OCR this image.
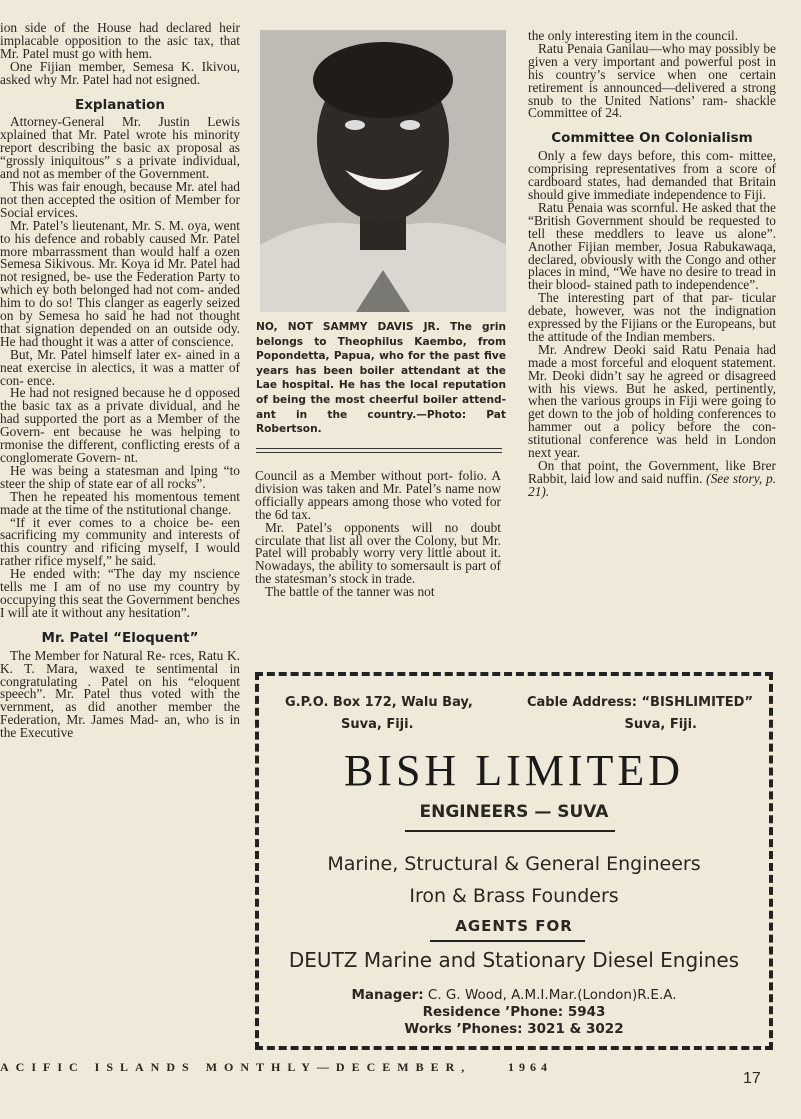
ion side of the House had declared heir implacable opposition to the asic tax, that Mr. Patel must go with hem.

One Fijian member, Semesa K. Ikivou, asked why Mr. Patel had not esigned.

Explanation

Attorney-General Mr. Justin Lewis xplained that Mr. Patel wrote his minority report describing the basic ax proposal as “grossly iniquitous” s a private individual, and not as member of the Government.

This was fair enough, because Mr. atel had not then accepted the osition of Member for Social ervices.

Mr. Patel’s lieutenant, Mr. S. M. oya, went to his defence and robably caused Mr. Patel more mbarrassment than would half a ozen Semesa Sikivous. Mr. Koya id Mr. Patel had not resigned, be- use the Federation Party to which ey both belonged had not com- anded him to do so! This clanger as eagerly seized on by Semesa ho said he had not thought that signation depended on an outside ody. He had thought it was a atter of conscience.

But, Mr. Patel himself later ex- ained in a neat exercise in alectics, it was a matter of con- ence.

He had not resigned because he d opposed the basic tax as a private dividual, and he had supported the port as a Member of the Govern- ent because he was helping to rmonise the different, conflicting erests of a conglomerate Govern- nt.

He was being a statesman and lping “to steer the ship of state ear of all rocks”.

Then he repeated his momentous tement made at the time of the nstitutional change.

“If it ever comes to a choice be- een sacrificing my community and interests of this country and rificing myself, I would rather rifice myself,” he said.

He ended with: “The day my nscience tells me I am of no use my country by occupying this seat the Government benches I will ate it without any hesitation”.

Mr. Patel “Eloquent”

The Member for Natural Re- rces, Ratu K. K. T. Mara, waxed te sentimental in congratulating . Patel on his “eloquent speech”. Mr. Patel thus voted with the vernment, as did another member the Federation, Mr. James Mad- an, who is in the Executive

NO, NOT SAMMY DAVIS JR. The grin belongs to Theophilus Kaembo, from Popondetta, Papua, who for the past five years has been boiler attendant at the Lae hospital. He has the local reputation of being the most cheerful boiler attend- ant in the country.—Photo: Pat Robertson.

Council as a Member without port- folio. A division was taken and Mr. Patel’s name now officially appears among those who voted for the 6d tax.

Mr. Patel’s opponents will no doubt circulate that list all over the Colony, but Mr. Patel will probably worry very little about it. Nowadays, the ability to somersault is part of the statesman’s stock in trade.

The battle of the tanner was not

the only interesting item in the council.

Ratu Penaia Ganilau—who may possibly be given a very important and powerful post in his country’s service when one certain retirement is announced—delivered a strong snub to the United Nations’ ram- shackle Committee of 24.

Committee On Colonialism

Only a few days before, this com- mittee, comprising representatives from a score of cardboard states, had demanded that Britain should give immediate independence to Fiji.

Ratu Penaia was scornful. He asked that the “British Government should be requested to tell these meddlers to leave us alone”. Another Fijian member, Josua Rabukawaqa, declared, obviously with the Congo and other places in mind, “We have no desire to tread in their blood- stained path to independence”.

The interesting part of that par- ticular debate, however, was not the indignation expressed by the Fijians or the Europeans, but the attitude of the Indian members.

Mr. Andrew Deoki said Ratu Penaia had made a most forceful and eloquent statement. Mr. Deoki didn’t say he agreed or disagreed with his views. But he asked, pertinently, when the various groups in Fiji were going to get down to the job of holding conferences to hammer out a policy before the con- stitutional conference was held in London next year.

On that point, the Government, like Brer Rabbit, laid low and said nuffin. (See story, p. 21).

G.P.O. Box 172, Walu Bay,
Suva, Fiji.
Cable Address: “BISHLIMITED”
Suva, Fiji.
BISH LIMITED
ENGINEERS — SUVA
Marine, Structural & General Engineers
Iron & Brass Founders
AGENTS FOR
DEUTZ Marine and Stationary Diesel Engines
Manager: C. G. Wood, A.M.I.Mar.(London)R.E.A.
Residence ’Phone: 5943
Works ’Phones: 3021 & 3022
ACIFIC ISLANDS MONTHLY—DECEMBER,	1964
17
